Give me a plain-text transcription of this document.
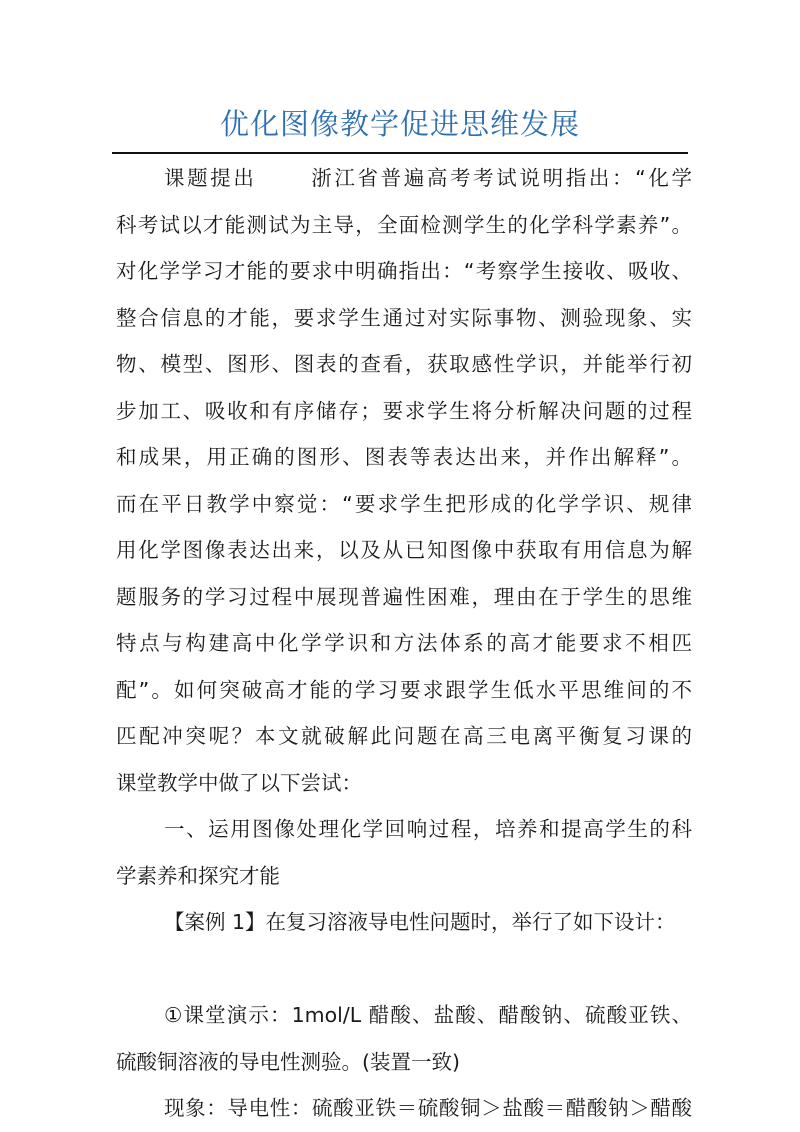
优化图像教学促进思维发展
课题提出	浙江省普遍高考考试说明指出：“化学
科考试以才能测试为主导，全面检测学生的化学科学素养”。
对化学学习才能的要求中明确指出：“考察学生接收、吸收、
整合信息的才能，要求学生通过对实际事物、测验现象、实
物、模型、图形、图表的查看，获取感性学识，并能举行初
步加工、吸收和有序储存；要求学生将分析解决问题的过程
和成果，用正确的图形、图表等表达出来，并作出解释”。
而在平日教学中察觉：“要求学生把形成的化学学识、规律
用化学图像表达出来，以及从已知图像中获取有用信息为解
题服务的学习过程中展现普遍性困难，理由在于学生的思维
特点与构建高中化学学识和方法体系的高才能要求不相匹
配”。如何突破高才能的学习要求跟学生低水平思维间的不
匹配冲突呢？本文就破解此问题在高三电离平衡复习课的
课堂教学中做了以下尝试：
一、运用图像处理化学回响过程，培养和提高学生的科
学素养和探究才能
【案例 1】在复习溶液导电性问题时，举行了如下设计：
①课堂演示：1mol/L 醋酸、盐酸、醋酸钠、硫酸亚铁、
硫酸铜溶液的导电性测验。(装置一致)
现象：导电性：硫酸亚铁＝硫酸铜＞盐酸＝醋酸钠＞醋酸
